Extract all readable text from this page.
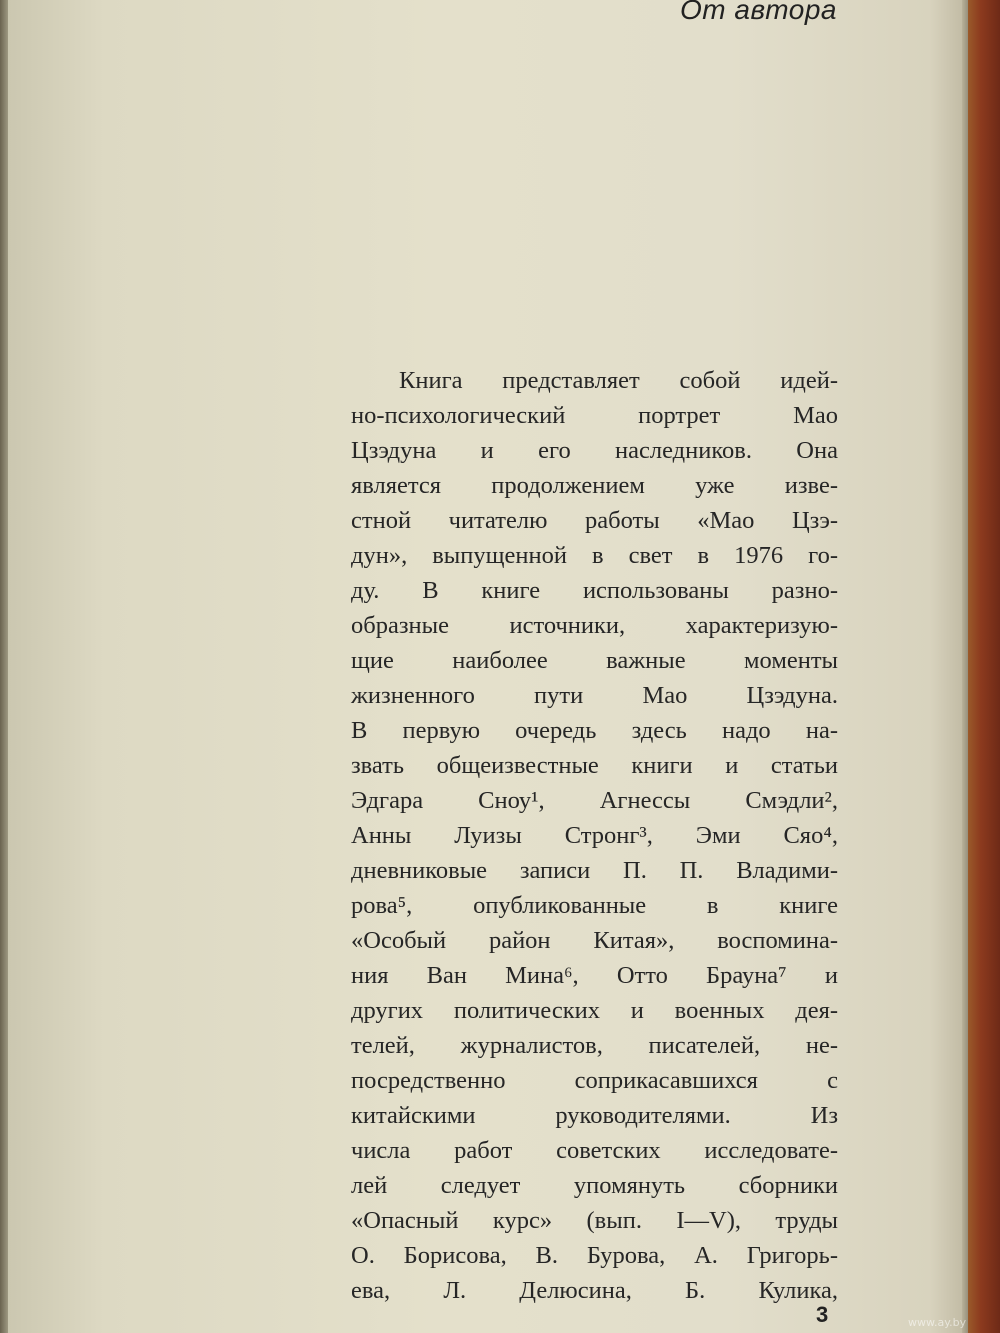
От автора
Книга представляет собой идей-
но-психологический портрет Мао
Цзэдуна и его наследников. Она
является продолжением уже изве-
стной читателю работы «Мао Цзэ-
дун», выпущенной в свет в 1976 го-
ду. В книге использованы разно-
образные источники, характеризую-
щие наиболее важные моменты
жизненного пути Мао Цзэдуна.
В первую очередь здесь надо на-
звать общеизвестные книги и статьи
Эдгара Сноу¹, Агнессы Смэдли²,
Анны Луизы Стронг³, Эми Сяо⁴,
дневниковые записи П. П. Владими-
рова⁵, опубликованные в книге
«Особый район Китая», воспомина-
ния Ван Мина⁶, Отто Брауна⁷ и
других политических и военных дея-
телей, журналистов, писателей, не-
посредственно соприкасавшихся с
китайскими руководителями. Из
числа работ советских исследовате-
лей следует упомянуть сборники
«Опасный курс» (вып. I—V), труды
О. Борисова, В. Бурова, А. Григорь-
ева, Л. Делюсина, Б. Кулика,
3	www.ay.by
